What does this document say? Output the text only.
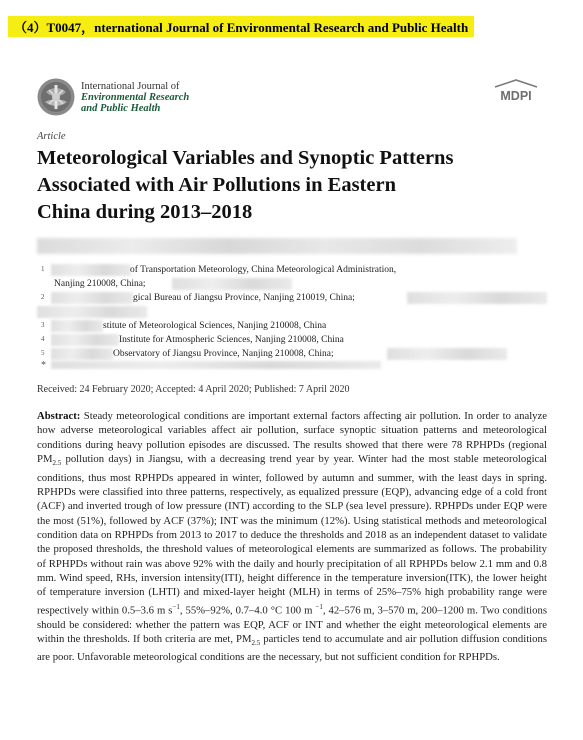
（4）T0047，nternational Journal of Environmental Research and Public Health
International Journal of
Environmental Research
and Public Health
MDPI
Article
Meteorological Variables and Synoptic Patterns
Associated with Air Pollutions in Eastern
China during 2013–2018
1	of Transportation Meteorology, China Meteorological Administration,
Nanjing 210008, China;
2	gical Bureau of Jiangsu Province, Nanjing 210019, China;
3	stitute of Meteorological Sciences, Nanjing 210008, China
4	Institute for Atmospheric Sciences, Nanjing 210008, China
5	Observatory of Jiangsu Province, Nanjing 210008, China;
*
Received: 24 February 2020; Accepted: 4 April 2020; Published: 7 April 2020
Abstract: Steady meteorological conditions are important external factors affecting air pollution. In order to analyze how adverse meteorological variables affect air pollution, surface synoptic situation patterns and meteorological conditions during heavy pollution episodes are discussed. The results showed that there were 78 RPHPDs (regional $PM_{2.5}$ pollution days) in Jiangsu, with a decreasing trend year by year. Winter had the most stable meteorological conditions, thus most RPHPDs appeared in winter, followed by autumn and summer, with the least days in spring. RPHPDs were classified into three patterns, respectively, as equalized pressure (EQP), advancing edge of a cold front (ACF) and inverted trough of low pressure (INT) according to the SLP (sea level pressure). RPHPDs under EQP were the most (51%), followed by ACF (37%); INT was the minimum (12%). Using statistical methods and meteorological condition data on RPHPDs from 2013 to 2017 to deduce the thresholds and 2018 as an independent dataset to validate the proposed thresholds, the threshold values of meteorological elements are summarized as follows. The probability of RPHPDs without rain was above 92% with the daily and hourly precipitation of all RPHPDs below 2.1 mm and 0.8 mm. Wind speed, RHs, inversion intensity(ITI), height difference in the temperature inversion(ITK), the lower height of temperature inversion (LHTI) and mixed-layer height (MLH) in terms of 25%–75% high probability range were respectively within 0.5–3.6 m $s^{-1}$, 55%–92%, 0.7–4.0 °C 100 m $^{-1}$, 42–576 m, 3–570 m, 200–1200 m. Two conditions should be considered: whether the pattern was EQP, ACF or INT and whether the eight meteorological elements are within the thresholds. If both criteria are met, $PM_{2.5}$ particles tend to accumulate and air pollution diffusion conditions are poor. Unfavorable meteorological conditions are the necessary, but not sufficient condition for RPHPDs.
